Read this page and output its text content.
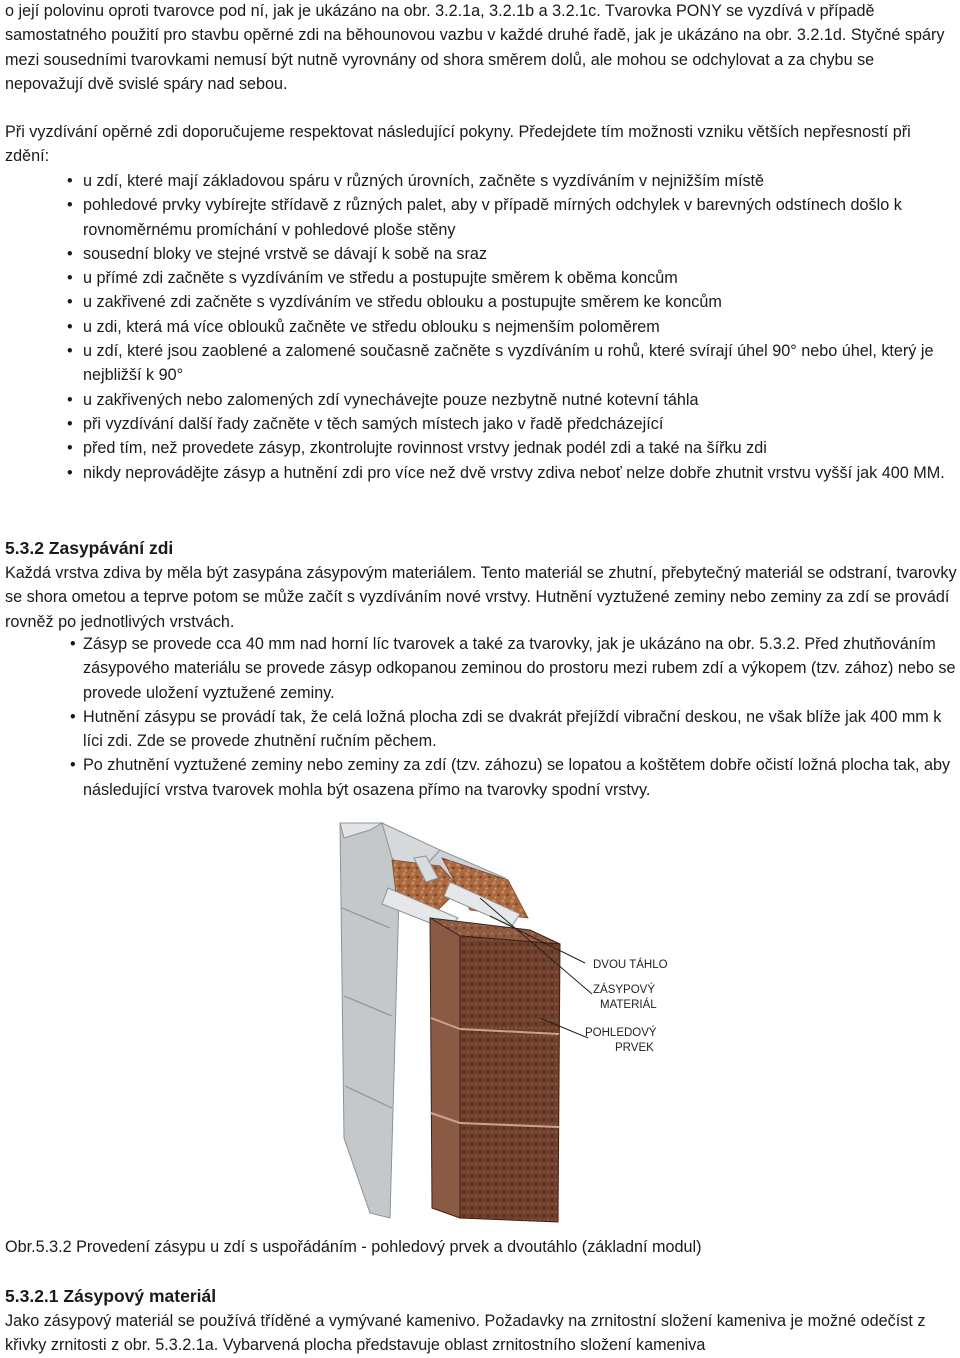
o její polovinu oproti tvarovce pod ní, jak je ukázáno na obr. 3.2.1a, 3.2.1b a 3.2.1c. Tvarovka PONY se vyzdívá v případě samostatného použití pro stavbu opěrné zdi na běhounovou vazbu v každé druhé řadě, jak je ukázáno na obr. 3.2.1d. Styčné spáry mezi sousedními tvarovkami nemusí být nutně vyrovnány od shora směrem dolů, ale mohou se odchylovat a za chybu se nepovažují dvě svislé spáry nad sebou.

Při vyzdívání opěrné zdi doporučujeme respektovat následující pokyny. Předejdete tím možnosti vzniku větších nepřesností při zdění:

• u zdí, které mají základovou spáru v různých úrovních, začněte s vyzdíváním v nejnižším místě
• pohledové prvky vybírejte střídavě z různých palet, aby v případě mírných odchylek v barevných odstínech došlo k rovnoměrnému promíchání v pohledové ploše stěny
• sousední bloky ve stejné vrstvě se dávají k sobě na sraz
• u přímé zdi začněte s vyzdíváním ve středu a postupujte směrem k oběma koncům
• u zakřivené zdi začněte s vyzdíváním ve středu oblouku a postupujte směrem ke koncům
• u zdi, která má více oblouků začněte ve středu oblouku s nejmenším poloměrem
• u zdí, které jsou zaoblené a zalomené současně začněte s vyzdíváním u rohů, které svírají úhel 90° nebo úhel, který je nejbližší k 90°
• u zakřivených nebo zalomených zdí vynechávejte pouze nezbytně nutné kotevní táhla
• při vyzdívání další řady začněte v těch samých místech jako v řadě předcházející
• před tím, než provedete zásyp, zkontrolujte rovinnost vrstvy jednak podél zdi a také na šířku zdi
• nikdy neprovádějte zásyp a hutnění zdi pro více než dvě vrstvy zdiva neboť nelze dobře zhutnit vrstvu vyšší jak 400 MM.
5.3.2 Zasypávání zdi

Každá vrstva zdiva by měla být zasypána zásypovým materiálem. Tento materiál se zhutní, přebytečný materiál se odstraní, tvarovky se shora ometou a teprve potom se může začít s vyzdíváním nové vrstvy. Hutnění vyztužené zeminy nebo zeminy za zdí se provádí rovněž po jednotlivých vrstvách.

• Zásyp se provede cca 40 mm nad horní líc tvarovek a také za tvarovky, jak je ukázáno na obr. 5.3.2. Před zhutňováním zásypového materiálu se provede zásyp odkopanou zeminou do prostoru mezi rubem zdí a výkopem (tzv. zához) nebo se provede uložení vyztužené zeminy.
• Hutnění zásypu se provádí tak, že celá ložná plocha zdi se dvakrát přejíždí vibrační deskou, ne však blíže jak 400 mm k líci zdi. Zde se provede zhutnění ručním pěchem.
• Po zhutnění vyztužené zeminy nebo zeminy za zdí (tzv. záhozu) se lopatou a koštětem dobře očistí ložná plocha tak, aby následující vrstva tvarovek mohla být osazena přímo na tvarovky spodní vrstvy.
DVOU TÁHLO
ZÁSYPOVÝ
MATERIÁL
POHLEDOVÝ
PRVEK

Obr.5.3.2 Provedení zásypu u zdí s uspořádáním - pohledový prvek a dvoutáhlo (základní modul)

5.3.2.1 Zásypový materiál

Jako zásypový materiál se používá tříděné a vymývané kamenivo. Požadavky na zrnitostní složení kameniva je možné odečíst z křivky zrnitosti z obr. 5.3.2.1a. Vybarvená plocha představuje oblast zrnitostního složení kameniva
